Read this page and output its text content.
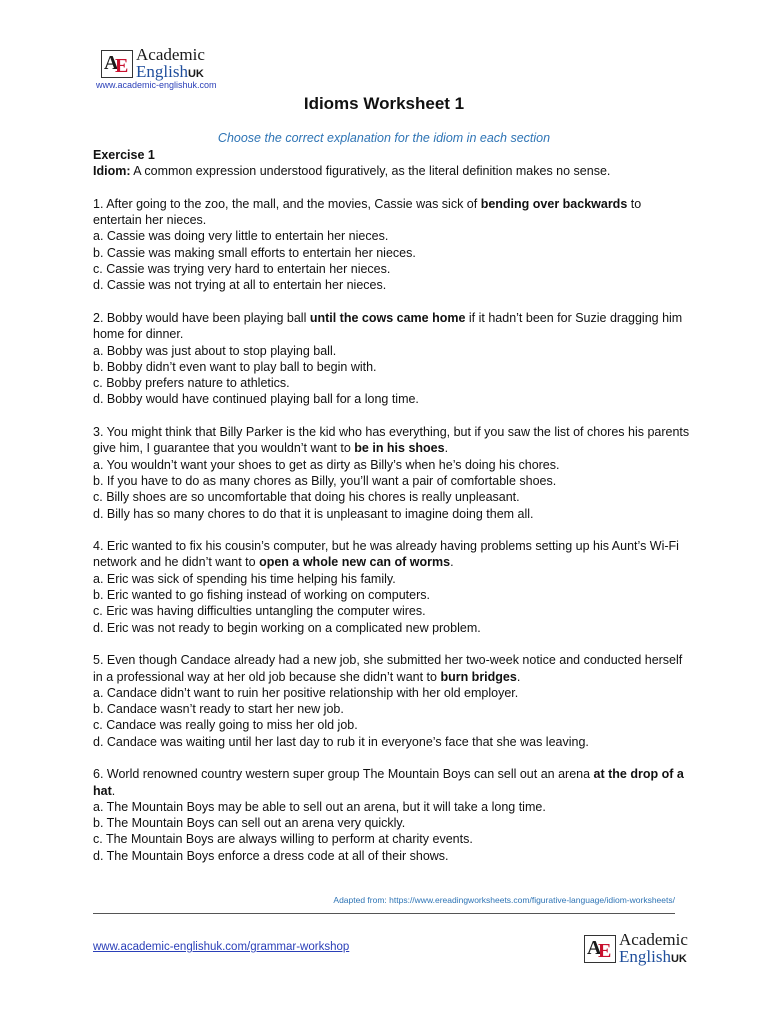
A
E Academic
EnglishUK
www.academic-englishuk.com
Idioms Worksheet 1
Choose the correct explanation for the idiom in each section

Exercise 1

Idiom: A common expression understood figuratively, as the literal definition makes no sense.

1. After going to the zoo, the mall, and the movies, Cassie was sick of bending over backwards to entertain her nieces.

a. Cassie was doing very little to entertain her nieces.

b. Cassie was making small efforts to entertain her nieces.

c. Cassie was trying very hard to entertain her nieces.

d. Cassie was not trying at all to entertain her nieces.

2. Bobby would have been playing ball until the cows came home if it hadn’t been for Suzie dragging him home for dinner.

a. Bobby was just about to stop playing ball.

b. Bobby didn’t even want to play ball to begin with.

c. Bobby prefers nature to athletics.

d. Bobby would have continued playing ball for a long time.

3. You might think that Billy Parker is the kid who has everything, but if you saw the list of chores his parents give him, I guarantee that you wouldn’t want to be in his shoes.

a. You wouldn’t want your shoes to get as dirty as Billy’s when he’s doing his chores.

b. If you have to do as many chores as Billy, you’ll want a pair of comfortable shoes.

c. Billy shoes are so uncomfortable that doing his chores is really unpleasant.

d. Billy has so many chores to do that it is unpleasant to imagine doing them all.

4. Eric wanted to fix his cousin’s computer, but he was already having problems setting up his Aunt’s Wi-Fi network and he didn’t want to open a whole new can of worms.

a. Eric was sick of spending his time helping his family.

b. Eric wanted to go fishing instead of working on computers.

c. Eric was having difficulties untangling the computer wires.

d. Eric was not ready to begin working on a complicated new problem.

5. Even though Candace already had a new job, she submitted her two-week notice and conducted herself in a professional way at her old job because she didn’t want to burn bridges.

a. Candace didn’t want to ruin her positive relationship with her old employer.

b. Candace wasn’t ready to start her new job.

c. Candace was really going to miss her old job.

d. Candace was waiting until her last day to rub it in everyone’s face that she was leaving.

6. World renowned country western super group The Mountain Boys can sell out an arena at the drop of a hat.

a. The Mountain Boys may be able to sell out an arena, but it will take a long time.

b. The Mountain Boys can sell out an arena very quickly.

c. The Mountain Boys are always willing to perform at charity events.

d. The Mountain Boys enforce a dress code at all of their shows.

Adapted from: https://www.ereadingworksheets.com/figurative-language/idiom-worksheets/
www.academic-englishuk.com/grammar-workshop	A
E Academic
EnglishUK
